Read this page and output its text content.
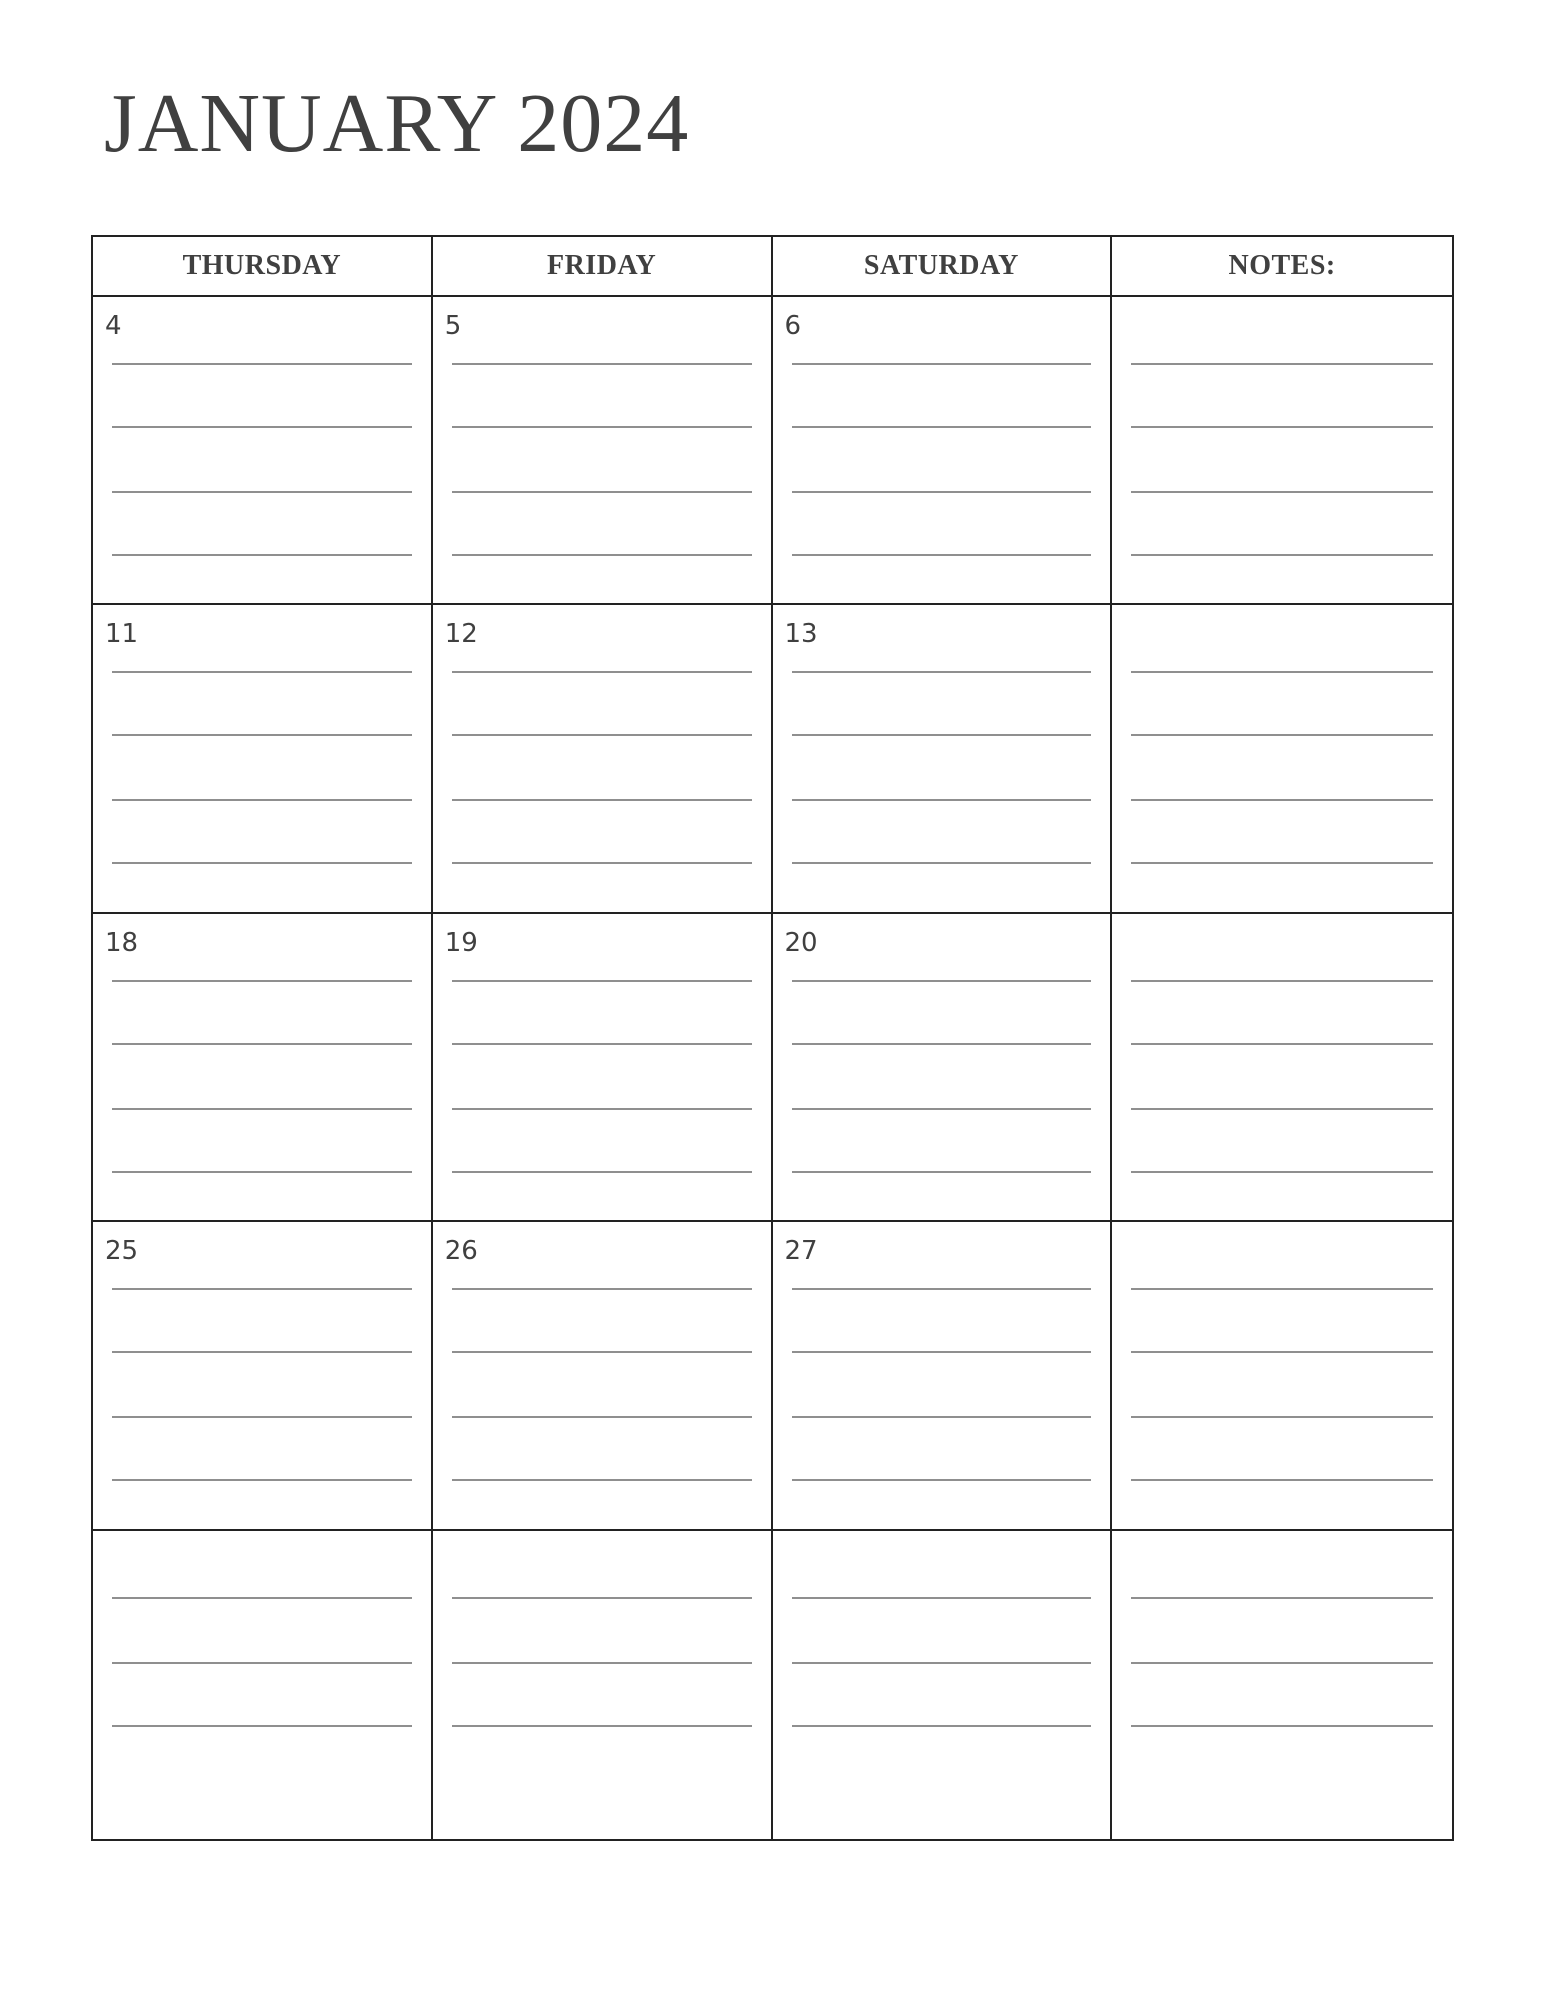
JANUARY 2024
THURSDAY	FRIDAY	SATURDAY	NOTES:
4	5	6
11	12	13
18	19	20
25	26	27
